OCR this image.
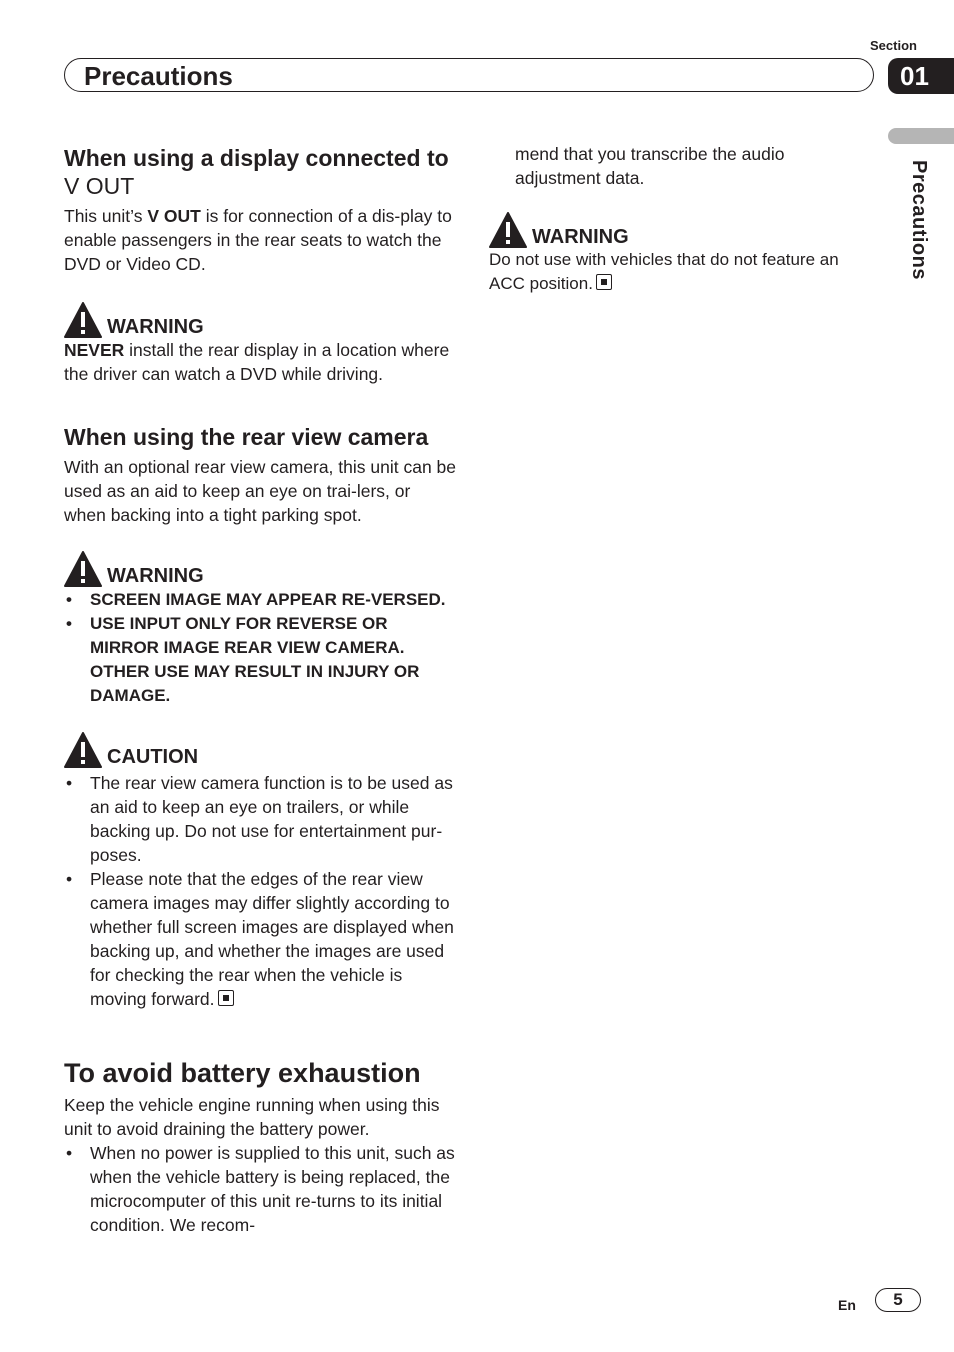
Section
Precautions	01
Precautions
When using a display connected to V OUT

This unit’s V OUT is for connection of a dis-play to enable passengers in the rear seats to watch the DVD or Video CD.

WARNING

NEVER install the rear display in a location where the driver can watch a DVD while driving.

When using the rear view camera

With an optional rear view camera, this unit can be used as an aid to keep an eye on trai-lers, or when backing into a tight parking spot.

WARNING
• SCREEN IMAGE MAY APPEAR RE-VERSED.
• USE INPUT ONLY FOR REVERSE OR MIRROR IMAGE REAR VIEW CAMERA. OTHER USE MAY RESULT IN INJURY OR DAMAGE.
CAUTION
• The rear view camera function is to be used as an aid to keep an eye on trailers, or while backing up. Do not use for entertainment pur-poses.
• Please note that the edges of the rear view camera images may differ slightly according to whether full screen images are displayed when backing up, and whether the images are used for checking the rear when the vehicle is moving forward.
To avoid battery exhaustion

Keep the vehicle engine running when using this unit to avoid draining the battery power.

• When no power is supplied to this unit, such as when the vehicle battery is being replaced, the microcomputer of this unit re-turns to its initial condition. We recom-

mend that you transcribe the audio adjustment data.

WARNING

Do not use with vehicles that do not feature an ACC position.

En	5
